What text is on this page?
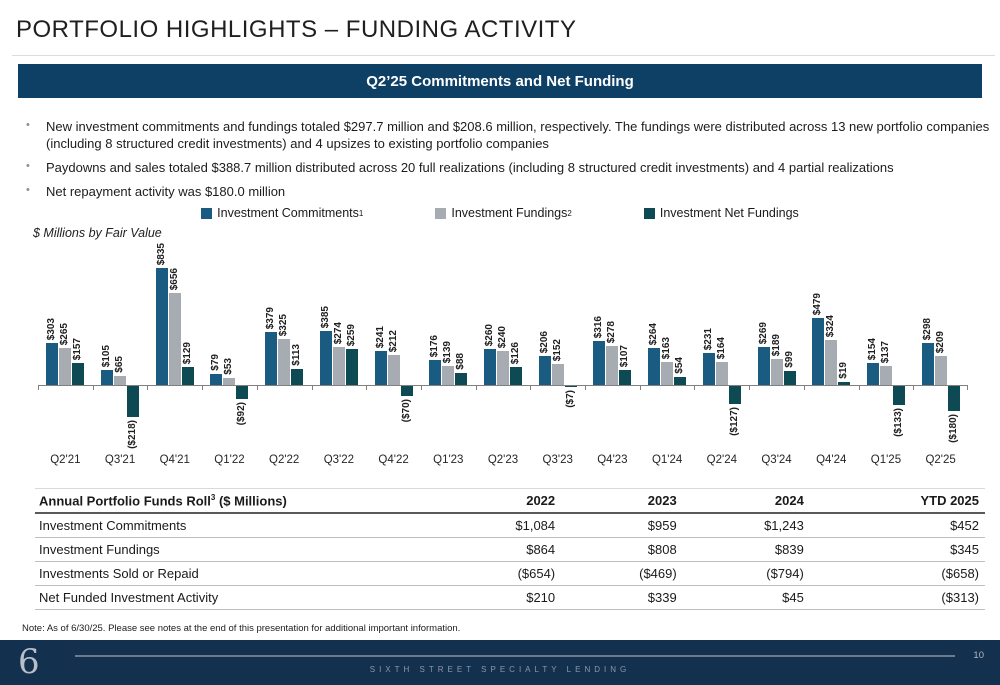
PORTFOLIO HIGHLIGHTS – FUNDING ACTIVITY
Q2’25 Commitments and Net Funding
• New investment commitments and fundings totaled $297.7 million and $208.6 million, respectively. The fundings were distributed across 13 new portfolio companies (including 8 structured credit investments) and 4 upsizes to existing portfolio companies
• Paydowns and sales totaled $388.7 million distributed across 20 full realizations (including 8 structured credit investments) and 4 partial realizations
• Net repayment activity was $180.0 million
Investment Commitments 1	Investment Fundings 2	Investment Net Fundings
$ Millions by Fair Value
$303 $265
$157
Q2'21
$105 $65
($218)
Q3'21
$835
$656
$129
Q4'21
$79 $53
($92)
Q1'22
$379 $325
$113
Q2'22
$385
$274 $259
Q3'22
$241 $212
($70)
Q4'22
$176 $139 $88
Q1'23
$260 $240
$126
Q2'23
$206 $152
($7)
Q3'23
$316 $278
$107
Q4'23
$264
$163
$54
Q1'24
$231 $164
($127)
Q2'24
$269
$189
$99
Q3'24
$479
$324
$19
Q4'24
$154 $137
($133)
Q1'25
$298
$209
($180)
Q2'25
Annual Portfolio Funds Roll$^3$ ($ Millions)	2022	2023	2024	YTD 2025
Investment Commitments	$1,084	$959	$1,243	$452
Investment Fundings	$864	$808	$839	$345
Investments Sold or Repaid	($654)	($469)	($794)	($658)
Net Funded Investment Activity	$210	$339	$45	($313)
Note: As of 6/30/25. Please see notes at the end of this presentation for additional important information.
6	SIXTH STREET SPECIALTY LENDING
10
